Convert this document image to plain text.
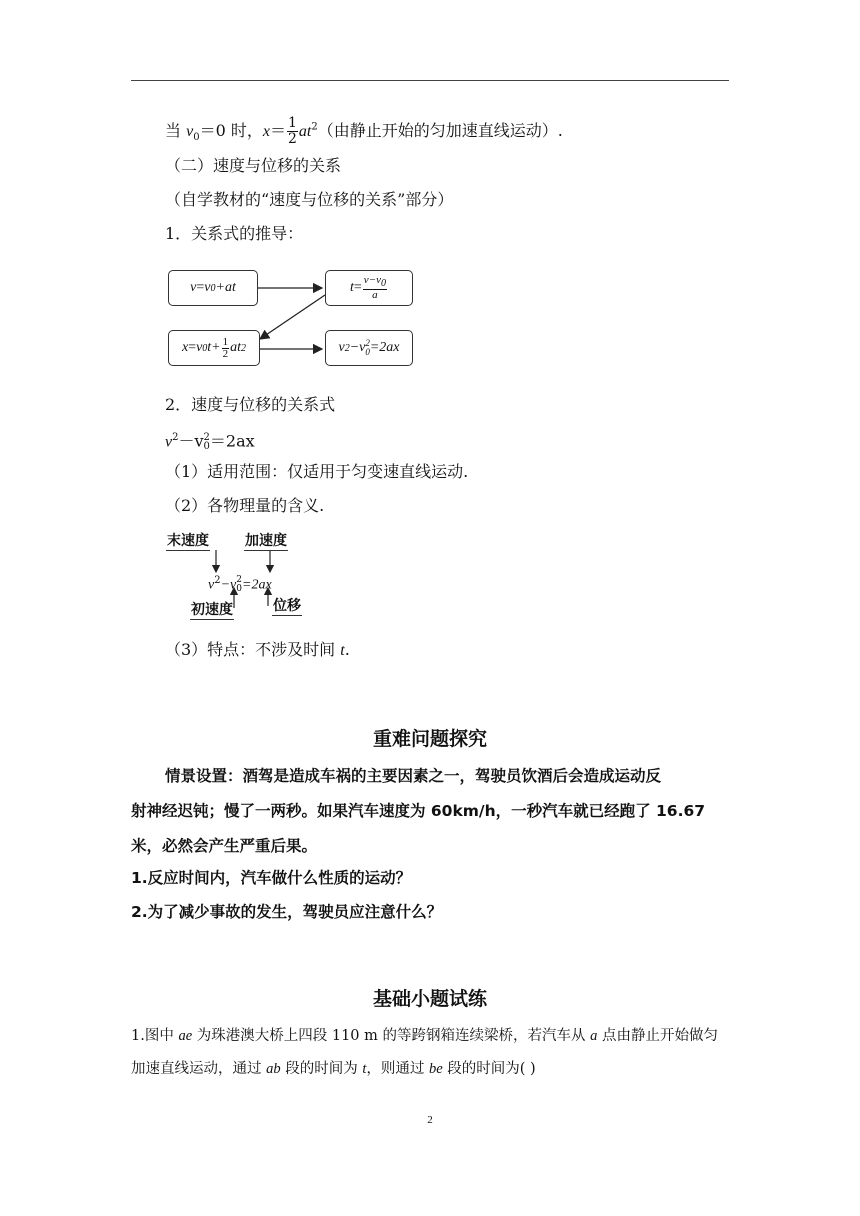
当 $v_0=0$ 时，$x= \frac{1}{2} at^2$（由静止开始的匀加速直线运动）.
（二）速度与位移的关系
（自学教材的“速度与位移的关系”部分）
1．关系式的推导：
v = v 0 +at	$t = \frac{v-v_0}{a}$
x = v 0 $t+ \frac{1}{2}$ at 2	v 2 −v 2
0 =2ax
2．速度与位移的关系式
$v^2-v$ 2
0 ＝2ax
（1）适用范围：仅适用于匀变速直线运动.
（2）各物理量的含义.
末速度	加速度
$v^2-v$ 2
0 =2ax
初速度	位移
（3）特点：不涉及时间 t.
重难问题探究
情景设置：酒驾是造成车祸的主要因素之一，驾驶员饮酒后会造成运动反
射神经迟钝；慢了一两秒。如果汽车速度为 60km/h，一秒汽车就已经跑了 16.67
米，必然会产生严重后果。
1.反应时间内，汽车做什么性质的运动？
2.为了减少事故的发生，驾驶员应注意什么？
基础小题试练
1.图中 ae 为珠港澳大桥上四段 110 m 的等跨钢箱连续梁桥，若汽车从 a 点由静止开始做匀
加速直线运动，通过 ab 段的时间为 t，则通过 be 段的时间为( )
2
